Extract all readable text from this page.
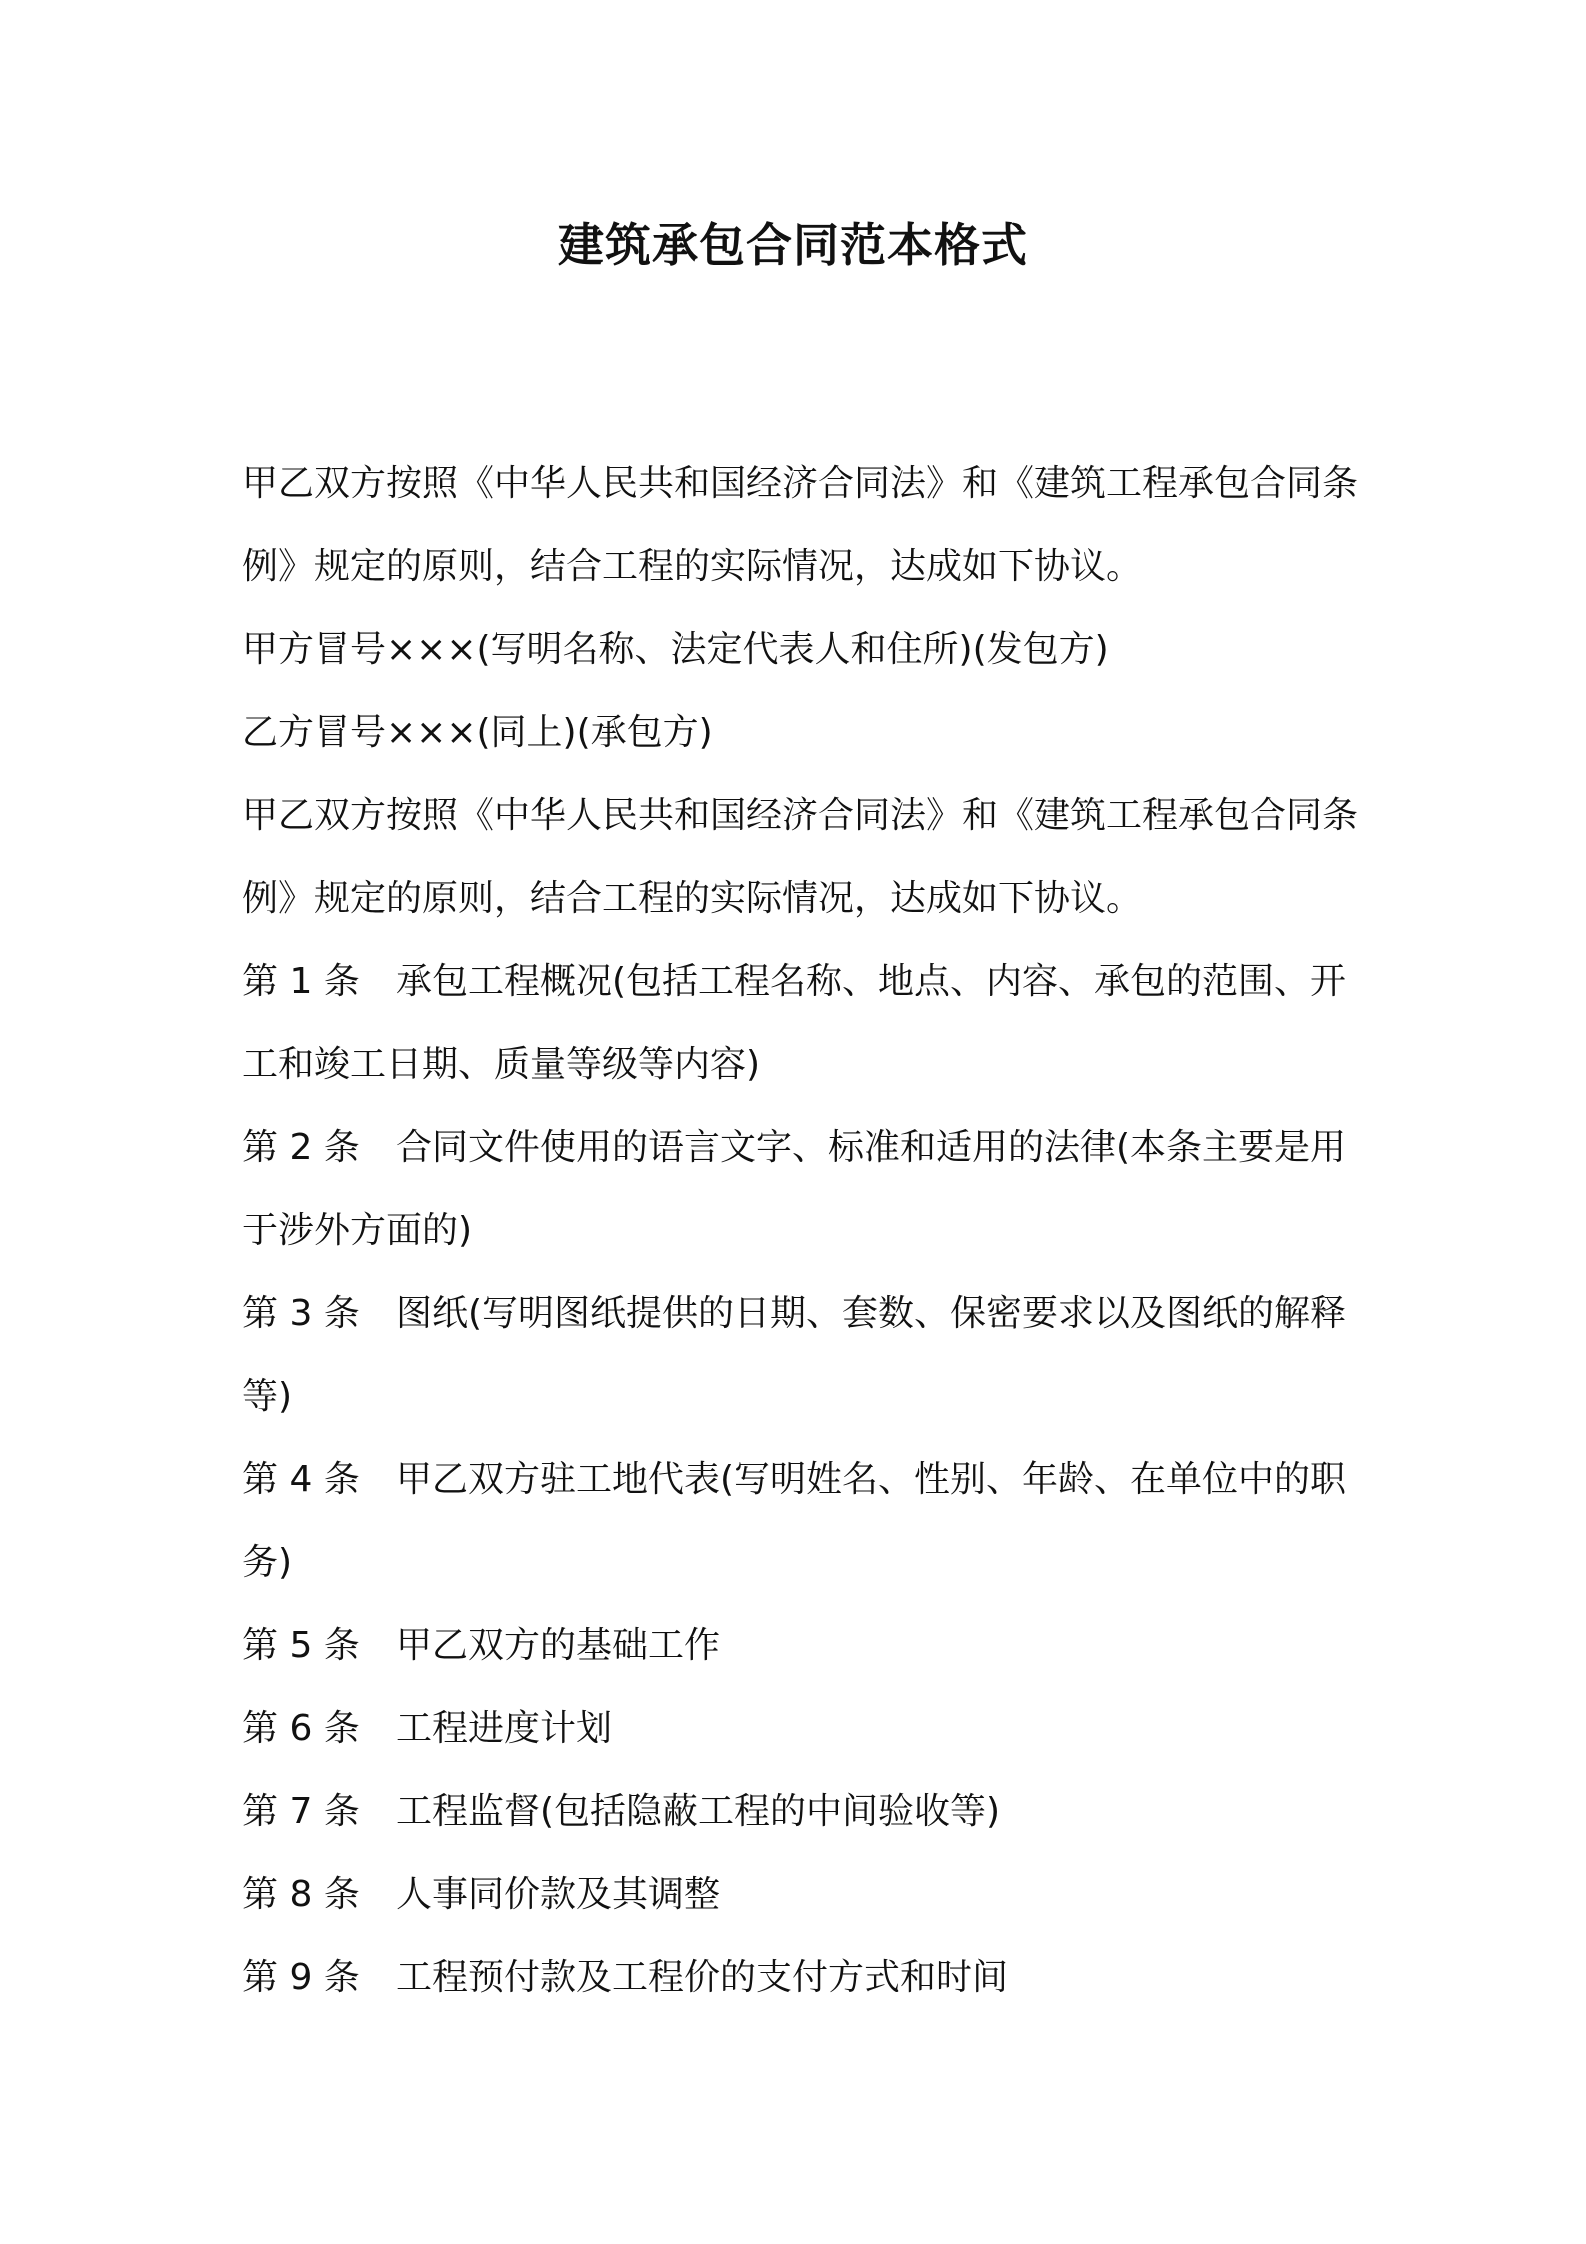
建筑承包合同范本格式

甲乙双方按照《中华人民共和国经济合同法》和《建筑工程承包合同条例》规定的原则，结合工程的实际情况，达成如下协议。

甲方冒号×××(写明名称、法定代表人和住所)(发包方)

乙方冒号×××(同上)(承包方)

甲乙双方按照《中华人民共和国经济合同法》和《建筑工程承包合同条例》规定的原则，结合工程的实际情况，达成如下协议。

第 1 条 承包工程概况(包括工程名称、地点、内容、承包的范围、开工和竣工日期、质量等级等内容)

第 2 条 合同文件使用的语言文字、标准和适用的法律(本条主要是用于涉外方面的)

第 3 条 图纸(写明图纸提供的日期、套数、保密要求以及图纸的解释等)

第 4 条 甲乙双方驻工地代表(写明姓名、性别、年龄、在单位中的职务)

第 5 条 甲乙双方的基础工作

第 6 条 工程进度计划

第 7 条 工程监督(包括隐蔽工程的中间验收等)

第 8 条 人事同价款及其调整

第 9 条 工程预付款及工程价的支付方式和时间
